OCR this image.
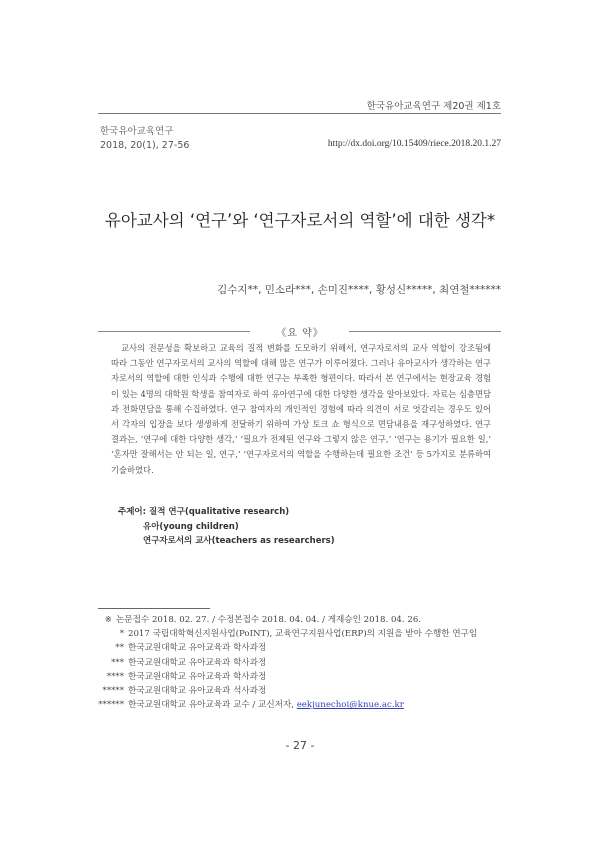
한국유아교육연구 제20권 제1호
한국유아교육연구
2018, 20(1), 27-56	http://dx.doi.org/10.15409/riece.2018.20.1.27
유아교사의 ‘연구’와 ‘연구자로서의 역할’에 대한 생각*
김수지**, 민소라***, 손미진****, 황성신*****, 최연철******
《요 약》

교사의 전문성을 확보하고 교육의 질적 변화를 도모하기 위해서, 연구자로서의 교사 역할이 강조됨에 따라 그동안 연구자로서의 교사의 역할에 대해 많은 연구가 이루어졌다. 그러나 유아교사가 생각하는 연구자로서의 역할에 대한 인식과 수행에 대한 연구는 부족한 형편이다. 따라서 본 연구에서는 현장교육 경험이 있는 4명의 대학원 학생을 참여자로 하여 유아연구에 대한 다양한 생각을 알아보았다. 자료는 심층면담과 전화면담을 통해 수집하였다. 연구 참여자의 개인적인 경험에 따라 의견이 서로 엇갈리는 경우도 있어서 각자의 입장을 보다 생생하게 전달하기 위하여 가상 토크 쇼 형식으로 면담내용을 재구성하였다. 연구결과는, ‘연구에 대한 다양한 생각,’ ‘필요가 전제된 연구와 그렇지 않은 연구,’ ‘연구는 용기가 필요한 일,’ ‘혼자만 잘해서는 안 되는 일, 연구,’ ‘연구자로서의 역할을 수행하는데 필요한 조건’ 등 5가지로 분류하여 기술하였다.

주제어: 질적 연구(qualitative research)
유아(young children)
연구자로서의 교사(teachers as researchers)
※ 논문접수 2018. 02. 27. / 수정본접수 2018. 04. 04. / 게재승인 2018. 04. 26.
* 2017 국립대학혁신지원사업(PoINT), 교육연구지원사업(ERP)의 지원을 받아 수행한 연구임
** 한국교원대학교 유아교육과 학사과정
*** 한국교원대학교 유아교육과 학사과정
**** 한국교원대학교 유아교육과 학사과정
***** 한국교원대학교 유아교육과 석사과정
****** 한국교원대학교 유아교육과 교수 / 교신저자, eekjunechoi@knue.ac.kr
- 27 -
